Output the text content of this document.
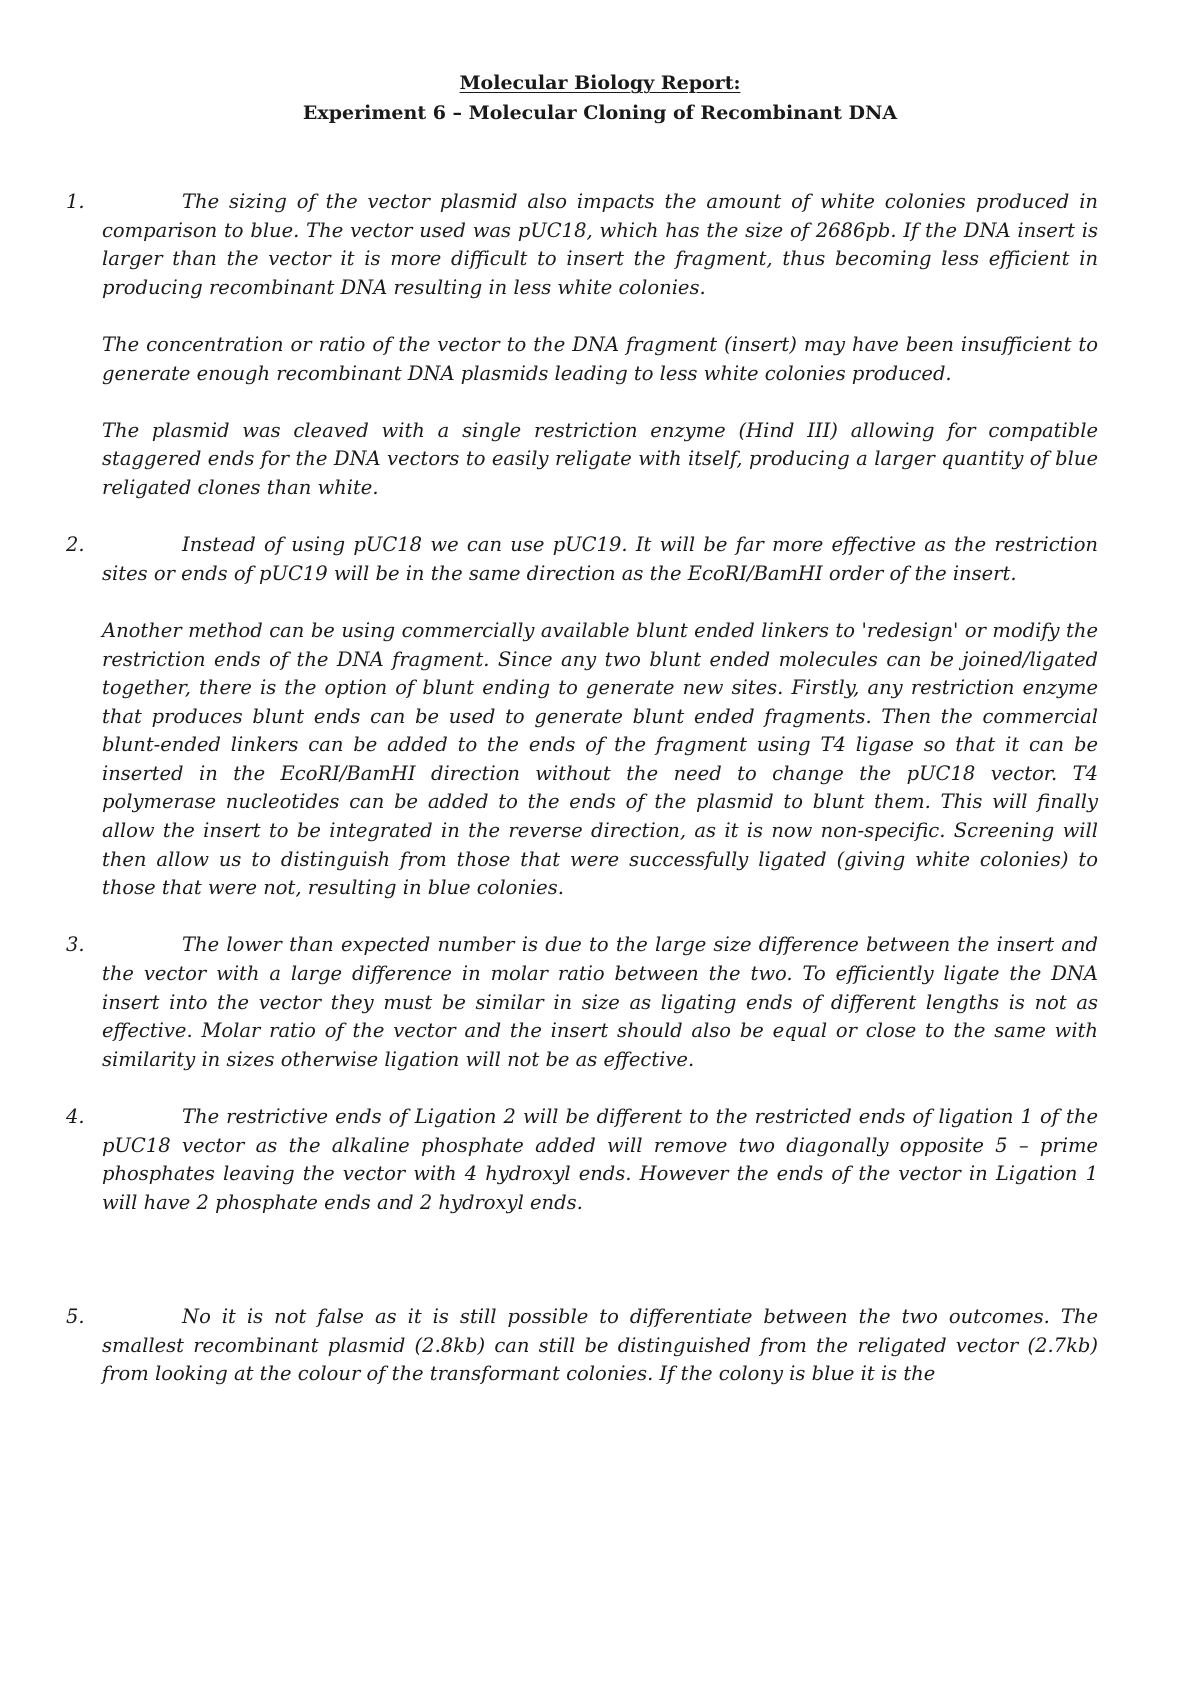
Molecular Biology Report:
Experiment 6 – Molecular Cloning of Recombinant DNA

1.	The sizing of the vector plasmid also impacts the amount of white colonies produced in comparison to blue. The vector used was pUC18, which has the size of 2686pb. If the DNA insert is larger than the vector it is more difficult to insert the fragment, thus becoming less efficient in producing recombinant DNA resulting in less white colonies.

The concentration or ratio of the vector to the DNA fragment (insert) may have been insufficient to generate enough recombinant DNA plasmids leading to less white colonies produced.

The plasmid was cleaved with a single restriction enzyme (Hind III) allowing for compatible staggered ends for the DNA vectors to easily religate with itself, producing a larger quantity of blue religated clones than white.

2.	Instead of using pUC18 we can use pUC19. It will be far more effective as the restriction sites or ends of pUC19 will be in the same direction as the EcoRI/BamHI order of the insert.

Another method can be using commercially available blunt ended linkers to 'redesign' or modify the restriction ends of the DNA fragment. Since any two blunt ended molecules can be joined/ligated together, there is the option of blunt ending to generate new sites. Firstly, any restriction enzyme that produces blunt ends can be used to generate blunt ended fragments. Then the commercial blunt-ended linkers can be added to the ends of the fragment using T4 ligase so that it can be inserted in the EcoRI/BamHI direction without the need to change the pUC18 vector. T4 polymerase nucleotides can be added to the ends of the plasmid to blunt them. This will finally allow the insert to be integrated in the reverse direction, as it is now non-specific. Screening will then allow us to distinguish from those that were successfully ligated (giving white colonies) to those that were not, resulting in blue colonies.

3.	The lower than expected number is due to the large size difference between the insert and the vector with a large difference in molar ratio between the two. To efficiently ligate the DNA insert into the vector they must be similar in size as ligating ends of different lengths is not as effective. Molar ratio of the vector and the insert should also be equal or close to the same with similarity in sizes otherwise ligation will not be as effective.

4.	The restrictive ends of Ligation 2 will be different to the restricted ends of ligation 1 of the pUC18 vector as the alkaline phosphate added will remove two diagonally opposite 5 – prime phosphates leaving the vector with 4 hydroxyl ends. However the ends of the vector in Ligation 1 will have 2 phosphate ends and 2 hydroxyl ends.

5.	No it is not false as it is still possible to differentiate between the two outcomes. The smallest recombinant plasmid (2.8kb) can still be distinguished from the religated vector (2.7kb) from looking at the colour of the transformant colonies. If the colony is blue it is the
